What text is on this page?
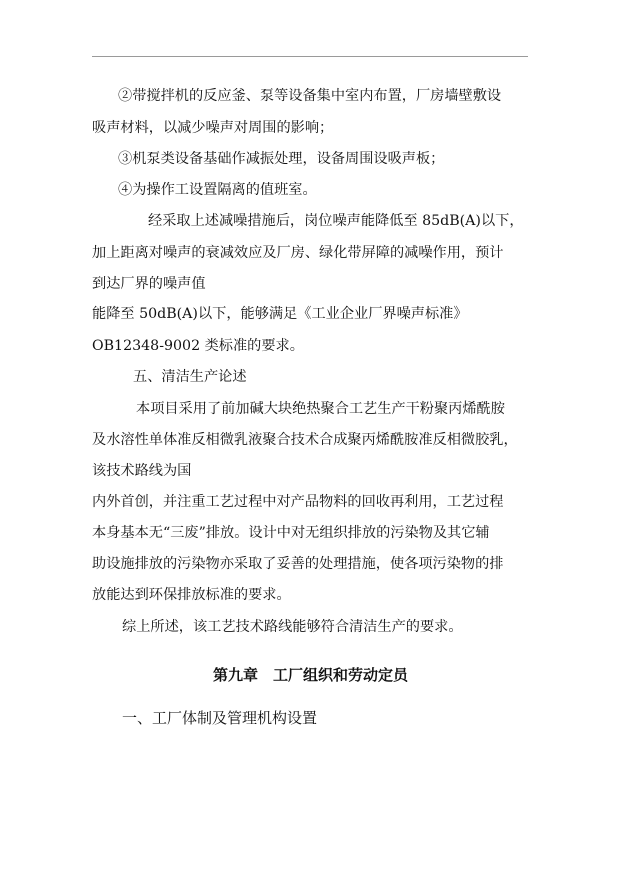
②带搅拌机的反应釜、泵等设备集中室内布置，厂房墙壁敷设
吸声材料，以减少噪声对周围的影响；
③机泵类设备基础作减振处理，设备周围设吸声板；
④为操作工设置隔离的值班室。
经采取上述减噪措施后，岗位噪声能降低至 85dB(A)以下，
加上距离对噪声的衰减效应及厂房、绿化带屏障的减噪作用，预计
到达厂界的噪声值
能降至 50dB(A)以下，能够满足《工业企业厂界噪声标准》
OB12348-9002 类标准的要求。
五、清洁生产论述
本项目采用了前加碱大块绝热聚合工艺生产干粉聚丙烯酰胺
及水溶性单体准反相微乳液聚合技术合成聚丙烯酰胺准反相微胶乳，
该技术路线为国
内外首创，并注重工艺过程中对产品物料的回收再利用，工艺过程
本身基本无“三废”排放。设计中对无组织排放的污染物及其它辅
助设施排放的污染物亦采取了妥善的处理措施，使各项污染物的排
放能达到环保排放标准的要求。
综上所述，该工艺技术路线能够符合清洁生产的要求。
第九章　工厂组织和劳动定员
一、工厂体制及管理机构设置
